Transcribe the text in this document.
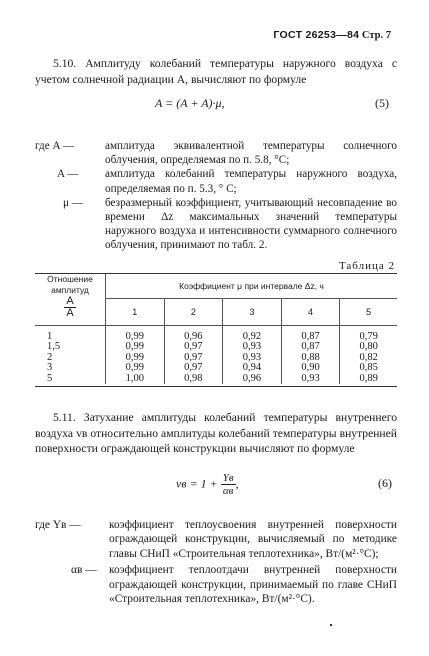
ГОСТ 26253—84 Стр. 7
5.10. Амплитуду колебаний температуры наружного воздуха с учетом солнечной радиации A, вычисляют по формуле
A = (A + A)·μ,	(5)
где A —	амплитуда эквивалентной температуры солнечного облучения, определяемая по п. 5.8, °С;
A —	амплитуда колебаний температуры наружного воздуха, определяемая по п. 5.3, ° С;
μ —	безразмерный коэффициент, учитывающий несовпадение во времени Δz максимальных значений температуры наружного воздуха и интенсивности суммарного солнечного облучения, принимают по табл. 2.
Таблица 2

Отношение
амплитуд

$\frac{A}{A}$	Коэффициент μ при интервале Δz, ч				
	1	2	3	4	5

1	0,99	0,96	0,92	0,87	0,79
1,5	0,99	0,97	0,93	0,87	0,80
2	0,99	0,97	0,93	0,88	0,82
3	0,99	0,97	0,94	0,90	0,85
5	1,00	0,98	0,96	0,93	0,89

5.11. Затухание амплитуды колебаний температуры внутреннего воздуха vв относительно амплитуды колебаний температуры внутренней поверхности ограждающей конструкции вычисляют по формуле
vв = $1 + \frac{Yв}{\alpha в}$ ,	(6)
где Yв —	коэффициент теплоусвоения внутренней поверхности ограждающей конструкции, вычисляемый по методике главы СНиП «Строительная теплотехника», Вт/(м²·°С);
αв —	коэффициент теплоотдачи внутренней поверхности ограждающей конструкции, принимаемый по главе СНиП «Строительная теплотехника», Вт/(м²·°С).
